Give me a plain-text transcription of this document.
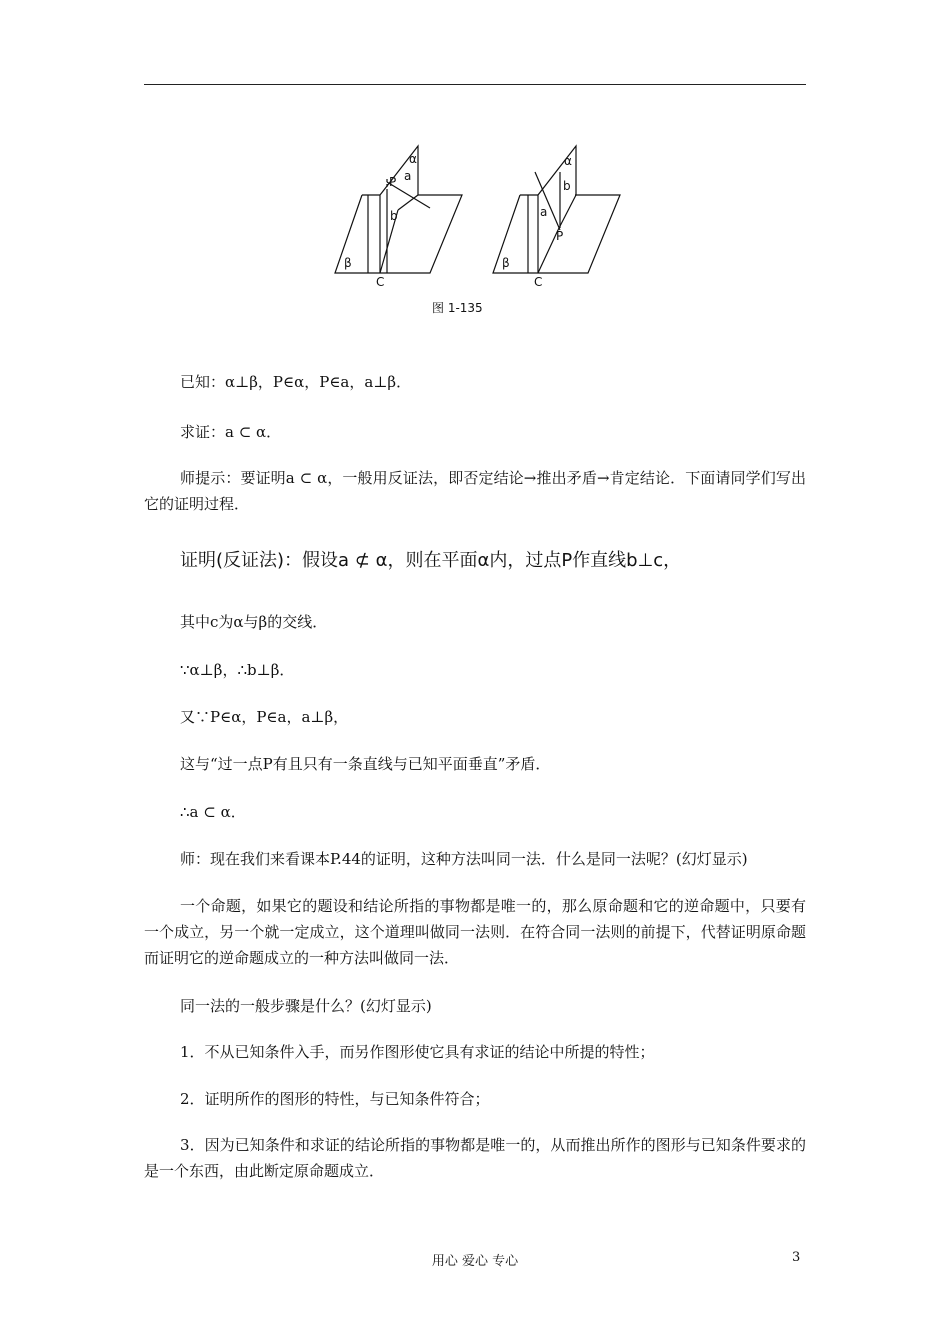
α
P a
b
β
C
α
b
a
P
β
C
图 1-135
已知：α⊥β，P∈α，P∈a，a⊥β．
求证：a ⊂ α．
师提示：要证明a ⊂ α，一般用反证法，即否定结论→推出矛盾→肯定结论．下面请同学们写出它的证明过程．
证明(反证法)：假设a ⊄ α，则在平面α内，过点P作直线b⊥c，
其中c为α与β的交线．
∵α⊥β，∴b⊥β．
又∵P∈α，P∈a，a⊥β，
这与“过一点P有且只有一条直线与已知平面垂直”矛盾．
∴a ⊂ α．
师：现在我们来看课本P.44的证明，这种方法叫同一法．什么是同一法呢？(幻灯显示)
一个命题，如果它的题设和结论所指的事物都是唯一的，那么原命题和它的逆命题中，只要有一个成立，另一个就一定成立，这个道理叫做同一法则．在符合同一法则的前提下，代替证明原命题而证明它的逆命题成立的一种方法叫做同一法．
同一法的一般步骤是什么？(幻灯显示)
1．不从已知条件入手，而另作图形使它具有求证的结论中所提的特性；
2．证明所作的图形的特性，与已知条件符合；
3．因为已知条件和求证的结论所指的事物都是唯一的，从而推出所作的图形与已知条件要求的是一个东西，由此断定原命题成立．
用心 爱心 专心	3
